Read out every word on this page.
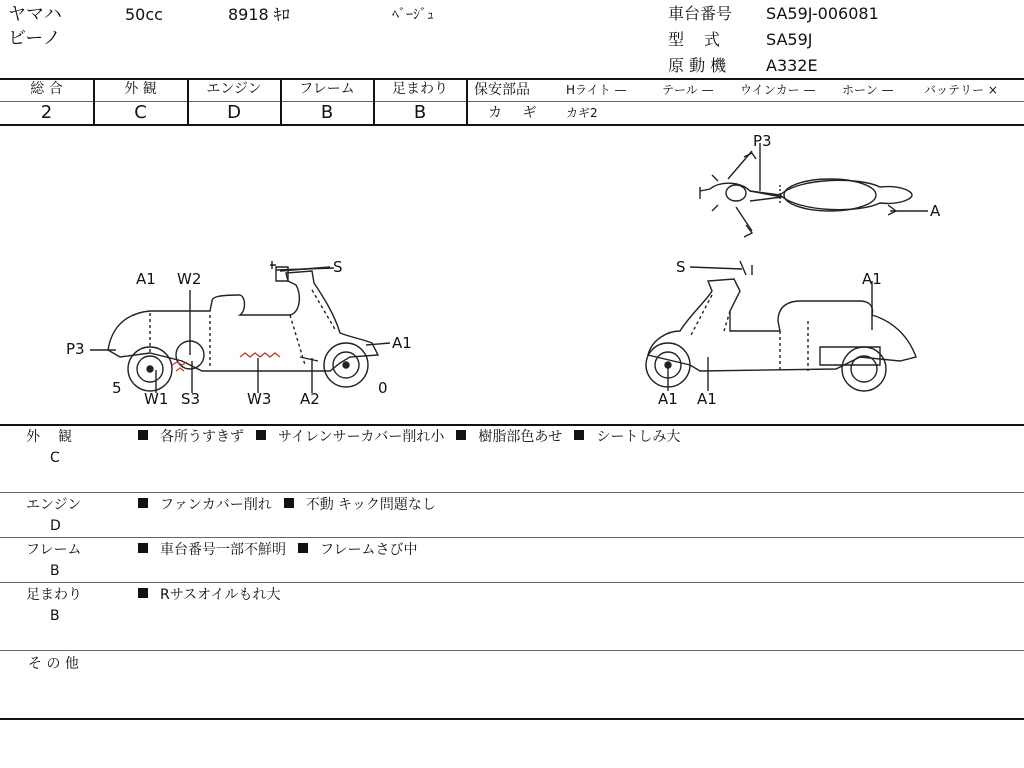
ヤマハ
ビーノ
50cc	8918 ｷﾛ	ﾍﾞｰｼﾞｭ	車台番号 SA59J-006081
型　式	SA59J
原 動 機 A332E
総 合
2
外 観
C
エンジン
D
フレーム
B
足まわり
B
保安部品	Hライト —	テール — ウインカー — ホーン —	バッテリー ×
カ ギ カギ2
A1 W2
S
P3	A1
5
W1 S3	W3 A2
0
S
A1
A1 A1
P3
A
外　観
C
各所うすきず サイレンサーカバー削れ小 樹脂部色あせ シートしみ大
エンジン
D
ファンカバー削れ 不動 キック問題なし
フレーム
B
車台番号一部不鮮明 フレームさび中
足まわり
B
Rサスオイルもれ大
そ の 他
